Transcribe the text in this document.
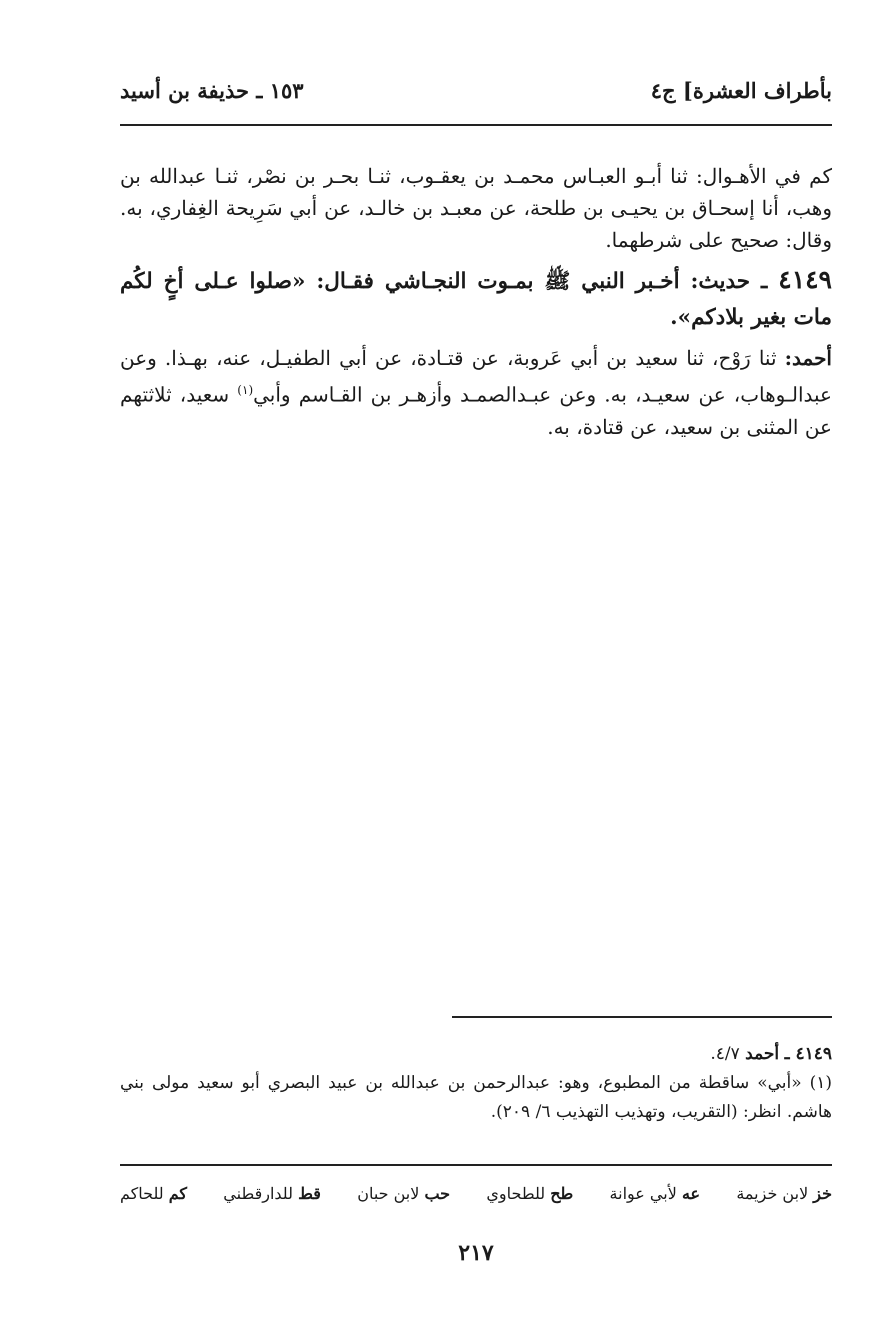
بأطراف العشرة] ج٤
١٥٣ ـ حذيفة بن أسيد

كم في الأهـوال: ثنا أبـو العبـاس محمـد بن يعقـوب، ثنـا بحـر بن نصْر، ثنـا عبدالله بن وهب، أنا إسحـاق بن يحيـى بن طلحة، عن معبـد بن خالـد، عن أبي سَرِيحة الغِفاري، به. وقال: صحيح على شرطهما.

٤١٤٩ ـ حديث: أخـبر النبي ﷺ بمـوت النجـاشي فقـال: «صلوا عـلى أخٍ لكُم مات بغير بلادكم».

أحمد: ثنا رَوْح، ثنا سعيد بن أبي عَروبة، عن قتـادة، عن أبي الطفيـل، عنه، بهـذا. وعن عبدالـوهاب، عن سعيـد، به. وعن عبـدالصمـد وأزهـر بن القـاسم وأبي$^{(١)}$ سعيد، ثلاثتهم عن المثنى بن سعيد، عن قتادة، به.

٤١٤٩ ـ أحمد ٤/٧.

(١) «أبي» ساقطة من المطبوع، وهو: عبدالرحمن بن عبدالله بن عبيد البصري أبو سعيد مولى بني هاشم. انظر: (التقريب، وتهذيب التهذيب ٦/ ٢٠٩).

خز لابن خزيمة
عه لأبي عوانة
طح للطحاوي
حب لابن حبان
قط للدارقطني
كم للحاكم
٢١٧
